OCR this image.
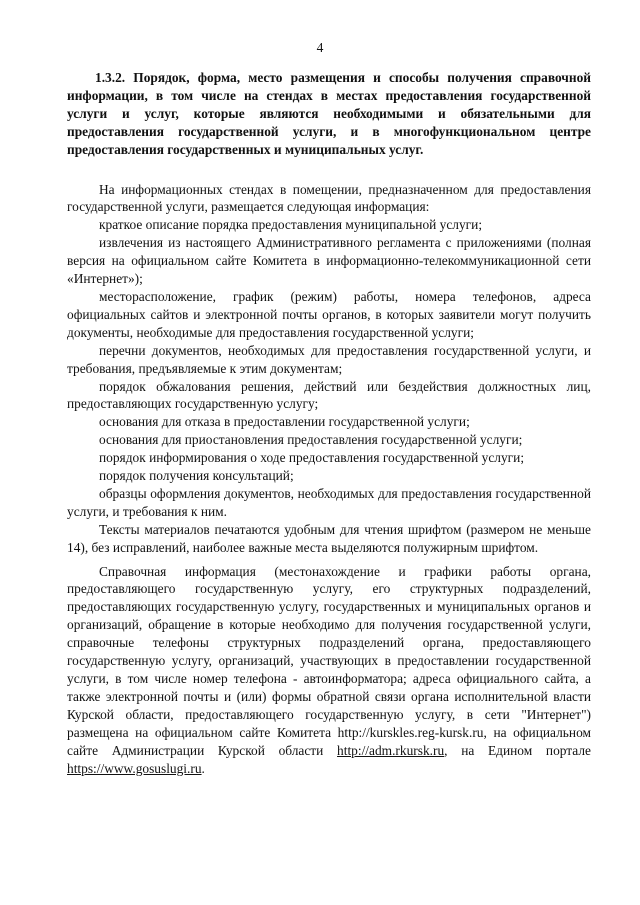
4

1.3.2. Порядок, форма, место размещения и способы получения справочной информации, в том числе на стендах в местах предоставления государственной услуги и услуг, которые являются необходимыми и обязательными для предоставления государственной услуги, и в многофункциональном центре предоставления государственных и муниципальных услуг.

На информационных стендах в помещении, предназначенном для предоставления государственной услуги, размещается следующая информация:

краткое описание порядка предоставления муниципальной услуги;

извлечения из настоящего Административного регламента с приложениями (полная версия на официальном сайте Комитета в информационно-телекоммуникационной сети «Интернет»);

месторасположение, график (режим) работы, номера телефонов, адреса официальных сайтов и электронной почты органов, в которых заявители могут получить документы, необходимые для предоставления государственной услуги;

перечни документов, необходимых для предоставления государственной услуги, и требования, предъявляемые к этим документам;

порядок обжалования решения, действий или бездействия должностных лиц, предоставляющих государственную услугу;

основания для отказа в предоставлении государственной услуги;

основания для приостановления предоставления государственной услуги;

порядок информирования о ходе предоставления государственной услуги;

порядок получения консультаций;

образцы оформления документов, необходимых для предоставления государственной услуги, и требования к ним.

Тексты материалов печатаются удобным для чтения шрифтом (размером не меньше 14), без исправлений, наиболее важные места выделяются полужирным шрифтом.

Справочная информация (местонахождение и графики работы органа, предоставляющего государственную услугу, его структурных подразделений, предоставляющих государственную услугу, государственных и муниципальных органов и организаций, обращение в которые необходимо для получения государственной услуги, справочные телефоны структурных подразделений органа, предоставляющего государственную услугу, организаций, участвующих в предоставлении государственной услуги, в том числе номер телефона - автоинформатора; адреса официального сайта, а также электронной почты и (или) формы обратной связи органа исполнительной власти Курской области, предоставляющего государственную услугу, в сети "Интернет") размещена на официальном сайте Комитета http://kurskles.reg-kursk.ru, на официальном сайте Администрации Курской области http://adm.rkursk.ru, на Едином портале https://www.gosuslugi.ru.
